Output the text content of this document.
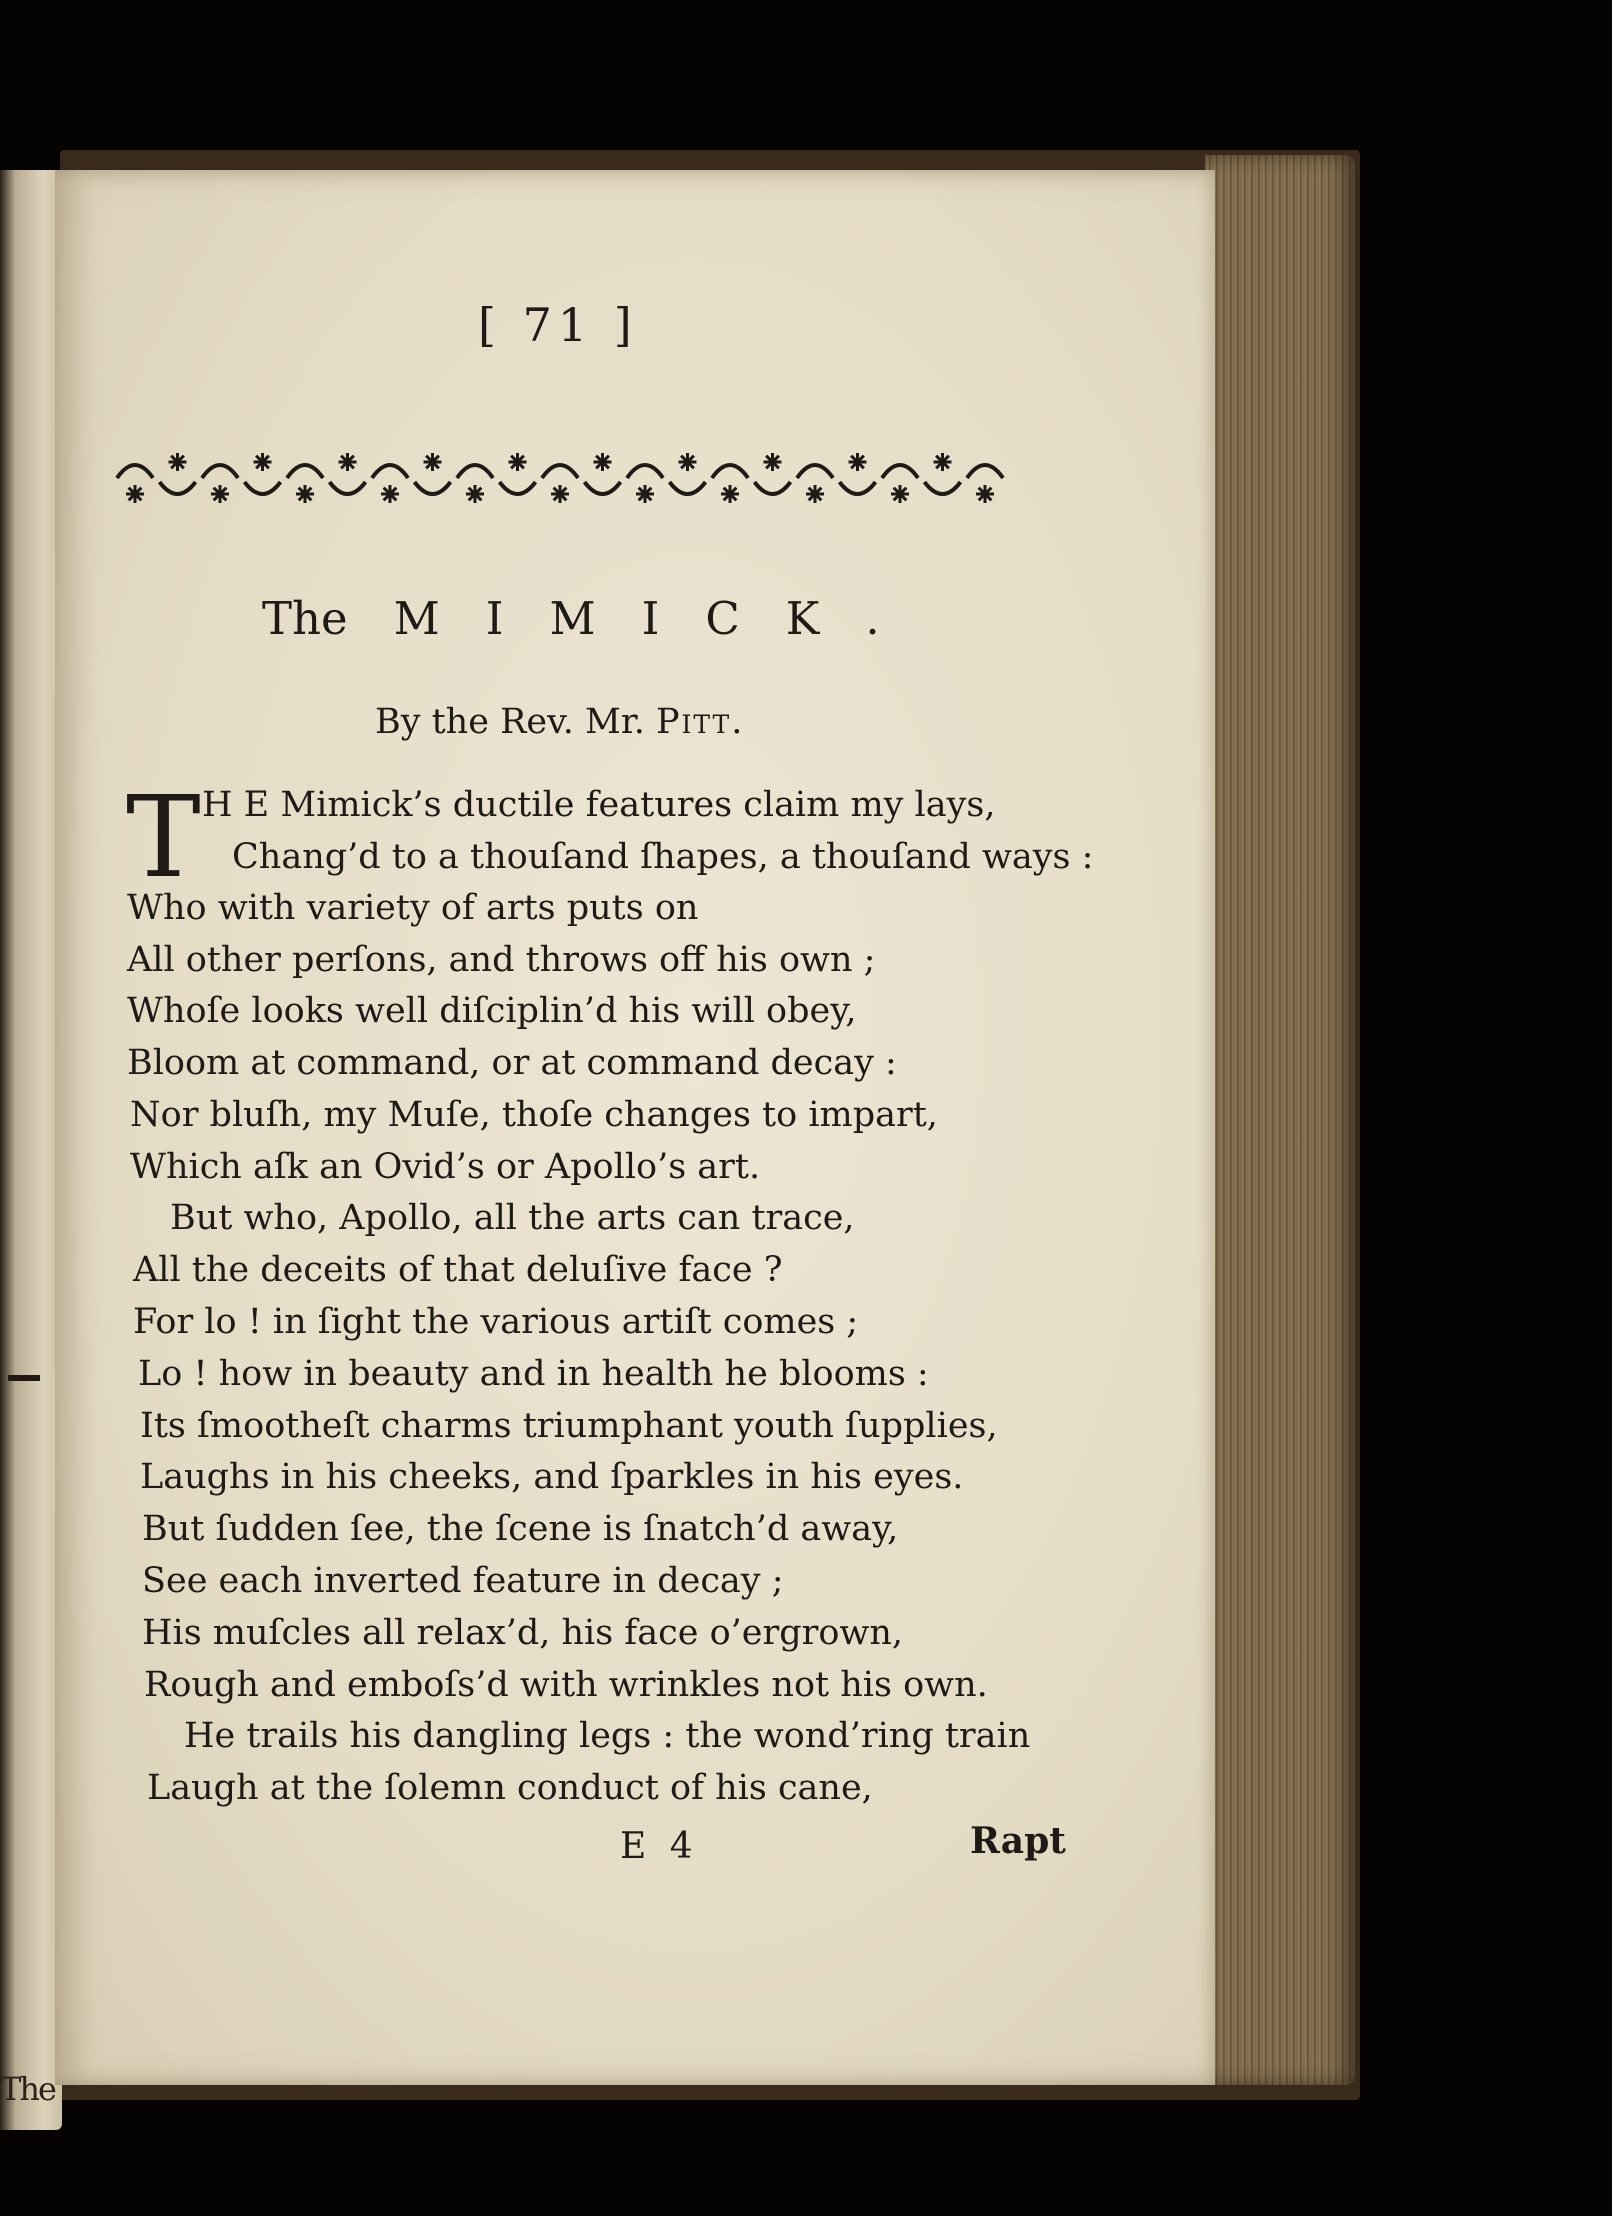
The
[ 71 ]
The MIMICK.
By the Rev. Mr. Pitt.
T H E Mimick’s ductile features claim my lays,
Chang’d to a thouſand ſhapes, a thouſand ways :
Who with variety of arts puts on
All other perſons, and throws off his own ;
Whoſe looks well diſciplin’d his will obey,
Bloom at command, or at command decay :
Nor bluſh, my Muſe, thoſe changes to impart,
Which aſk an Ovid’s or Apollo’s art.
But who, Apollo, all the arts can trace,
All the deceits of that deluſive face ?
For lo ! in ſight the various artiſt comes ;
Lo ! how in beauty and in health he blooms :
Its ſmootheſt charms triumphant youth ſupplies,
Laughs in his cheeks, and ſparkles in his eyes.
But ſudden ſee, the ſcene is ſnatch’d away,
See each inverted feature in decay ;
His muſcles all relax’d, his face o’ergrown,
Rough and emboſs’d with wrinkles not his own.
He trails his dangling legs : the wond’ring train
Laugh at the ſolemn conduct of his cane,
E 4	Rapt
